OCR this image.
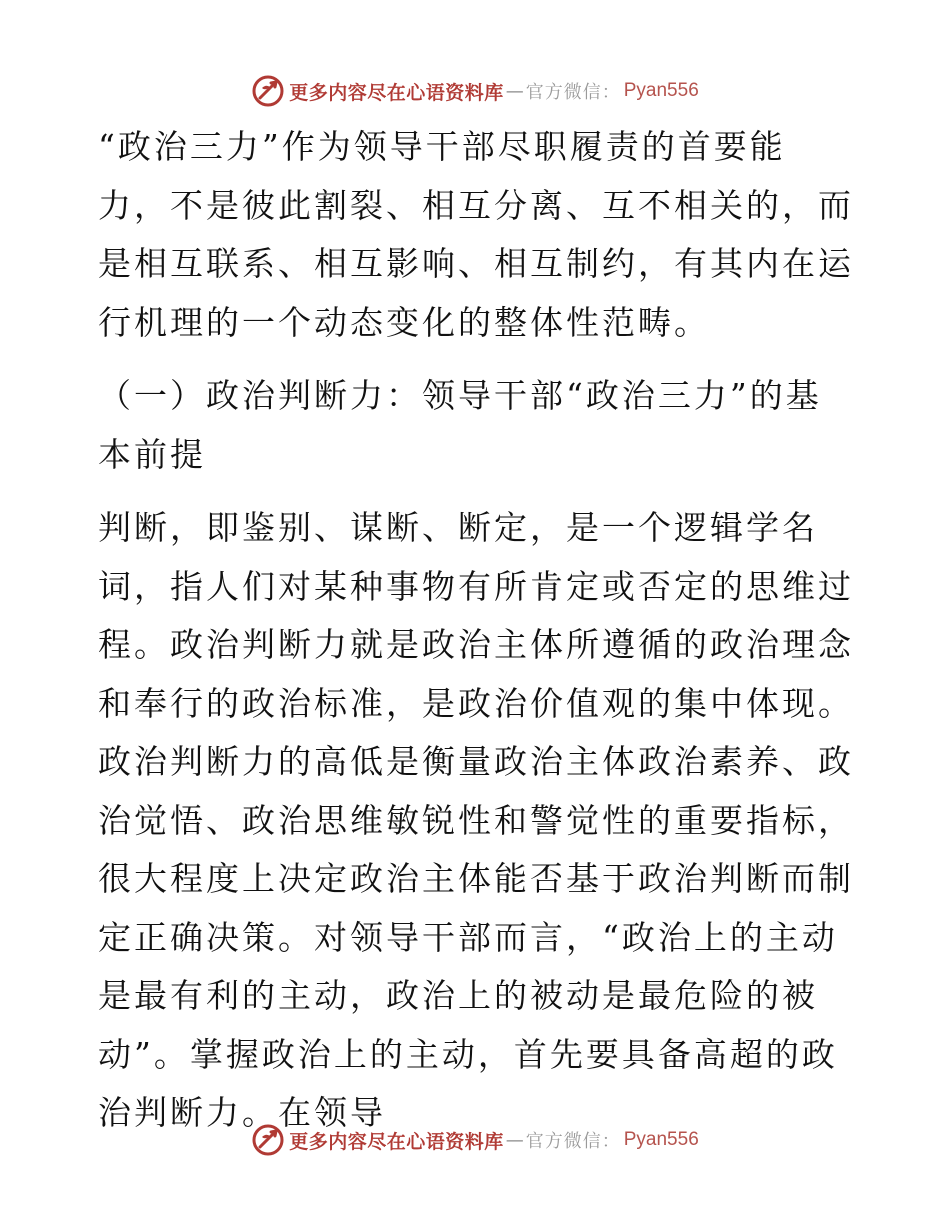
更多内容尽在心语资料库 — 官方微信 ： Pyan556

“政治三力”作为领导干部尽职履责的首要能力，不是彼此割裂、相互分离、互不相关的，而是相互联系、相互影响、相互制约，有其内在运行机理的一个动态变化的整体性范畴。

（一）政治判断力：领导干部“政治三力”的基本前提

判断，即鉴别、谋断、断定，是一个逻辑学名词，指人们对某种事物有所肯定或否定的思维过程。政治判断力就是政治主体所遵循的政治理念和奉行的政治标准，是政治价值观的集中体现。政治判断力的高低是衡量政治主体政治素养、政治觉悟、政治思维敏锐性和警觉性的重要指标，很大程度上决定政治主体能否基于政治判断而制定正确决策。对领导干部而言，“政治上的主动是最有利的主动，政治上的被动是最危险的被动”。掌握政治上的主动，首先要具备高超的政治判断力。在领导

更多内容尽在心语资料库 — 官方微信 ： Pyan556
